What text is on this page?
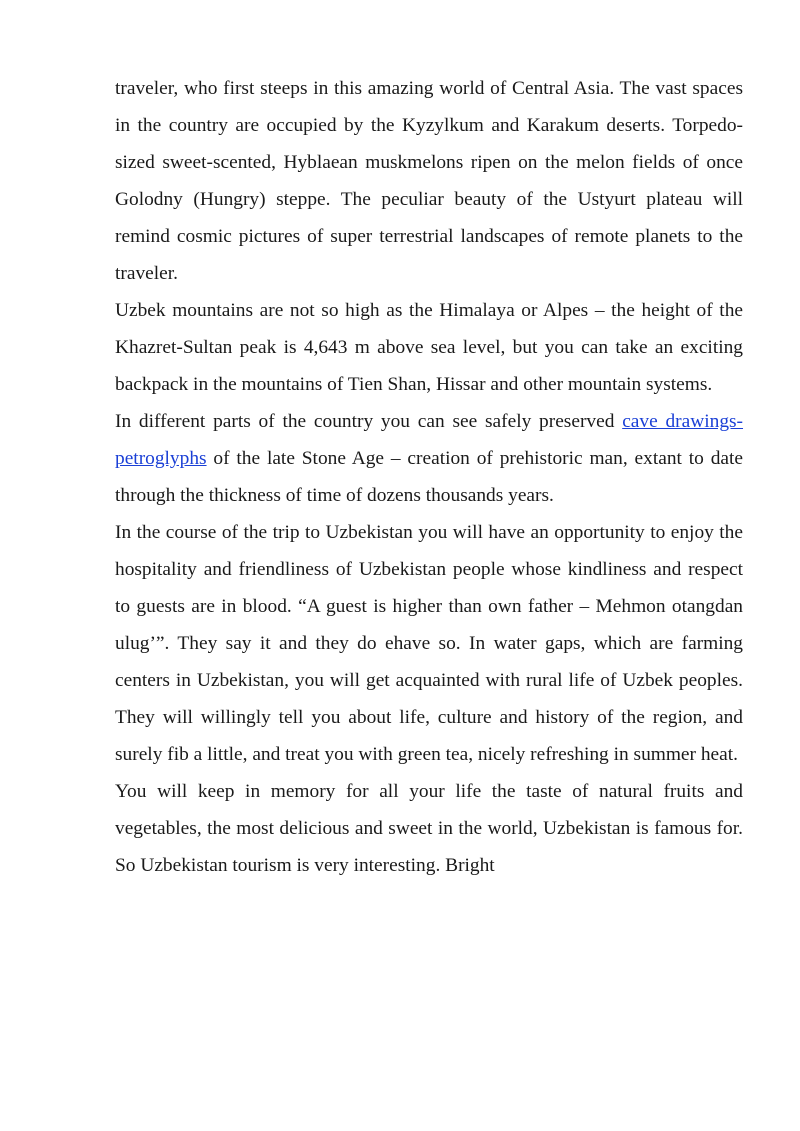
traveler, who first steeps in this amazing world of Central Asia. The vast spaces in the country are occupied by the Kyzylkum and Karakum deserts. Torpedo-sized sweet-scented, Hyblaean muskmelons ripen on the melon fields of once Golodny (Hungry) steppe. The peculiar beauty of the Ustyurt plateau will remind cosmic pictures of super terrestrial landscapes of remote planets to the traveler.

Uzbek mountains are not so high as the Himalaya or Alpes – the height of the Khazret-Sultan peak is 4,643 m above sea level, but you can take an exciting backpack in the mountains of Tien Shan, Hissar and other mountain systems.

In different parts of the country you can see safely preserved cave drawings-petroglyphs of the late Stone Age – creation of prehistoric man, extant to date through the thickness of time of dozens thousands years.

In the course of the trip to Uzbekistan you will have an opportunity to enjoy the hospitality and friendliness of Uzbekistan people whose kindliness and respect to guests are in blood. “A guest is higher than own father – Mehmon otangdan ulug’”. They say it and they do ehave so. In water gaps, which are farming centers in Uzbekistan, you will get acquainted with rural life of Uzbek peoples. They will willingly tell you about life, culture and history of the region, and surely fib a little, and treat you with green tea, nicely refreshing in summer heat.

You will keep in memory for all your life the taste of natural fruits and vegetables, the most delicious and sweet in the world, Uzbekistan is famous for. So Uzbekistan tourism is very interesting. Bright
